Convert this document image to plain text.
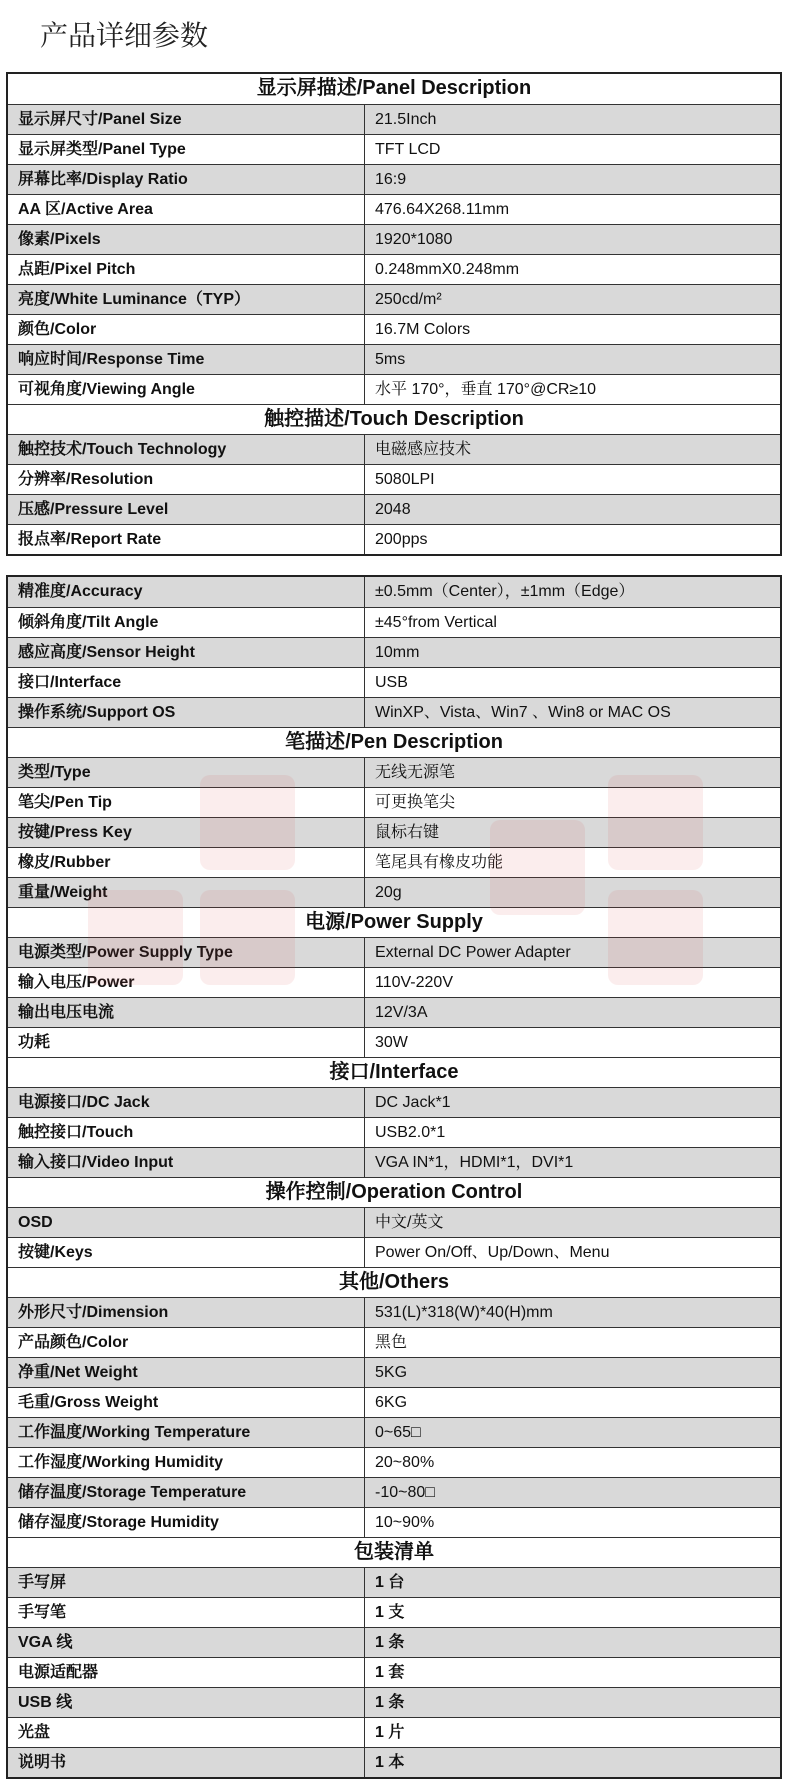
产品详细参数
显示屏描述/Panel Description
显示屏尺寸/Panel Size	21.5Inch
显示屏类型/Panel Type	TFT LCD
屏幕比率/Display Ratio	16:9
AA 区/Active Area	476.64X268.11mm
像素/Pixels	1920*1080
点距/Pixel Pitch	0.248mmX0.248mm
亮度/White Luminance（TYP）	250cd/m²
颜色/Color	16.7M Colors
响应时间/Response Time	5ms
可视角度/Viewing Angle	水平 170°，垂直 170°@CR≥10
触控描述/Touch Description
触控技术/Touch Technology	电磁感应技术
分辨率/Resolution	5080LPI
压感/Pressure Level	2048
报点率/Report Rate	200pps
精准度/Accuracy	±0.5mm（Center），±1mm（Edge）
倾斜角度/Tilt Angle	±45°from Vertical
感应高度/Sensor Height	10mm
接口/Interface	USB
操作系统/Support OS	WinXP、Vista、Win7 、Win8 or MAC OS
笔描述/Pen Description
类型/Type	无线无源笔
笔尖/Pen Tip	可更换笔尖
按键/Press Key	鼠标右键
橡皮/Rubber	笔尾具有橡皮功能
重量/Weight	20g
电源/Power Supply
电源类型/Power Supply Type	External DC Power Adapter
输入电压/Power	110V-220V
输出电压电流	12V/3A
功耗	30W
接口/Interface
电源接口/DC Jack	DC Jack*1
触控接口/Touch	USB2.0*1
输入接口/Video Input	VGA IN*1，HDMI*1，DVI*1
操作控制/Operation Control
OSD	中文/英文
按键/Keys	Power On/Off、Up/Down、Menu
其他/Others
外形尺寸/Dimension	531(L)*318(W)*40(H)mm
产品颜色/Color	黑色
净重/Net Weight	5KG
毛重/Gross Weight	6KG
工作温度/Working Temperature	0~65□
工作湿度/Working Humidity	20~80%
储存温度/Storage Temperature	-10~80□
储存湿度/Storage Humidity	10~90%
包装清单
手写屏	1 台
手写笔	1 支
VGA 线	1 条
电源适配器	1 套
USB 线	1 条
光盘	1 片
说明书	1 本
